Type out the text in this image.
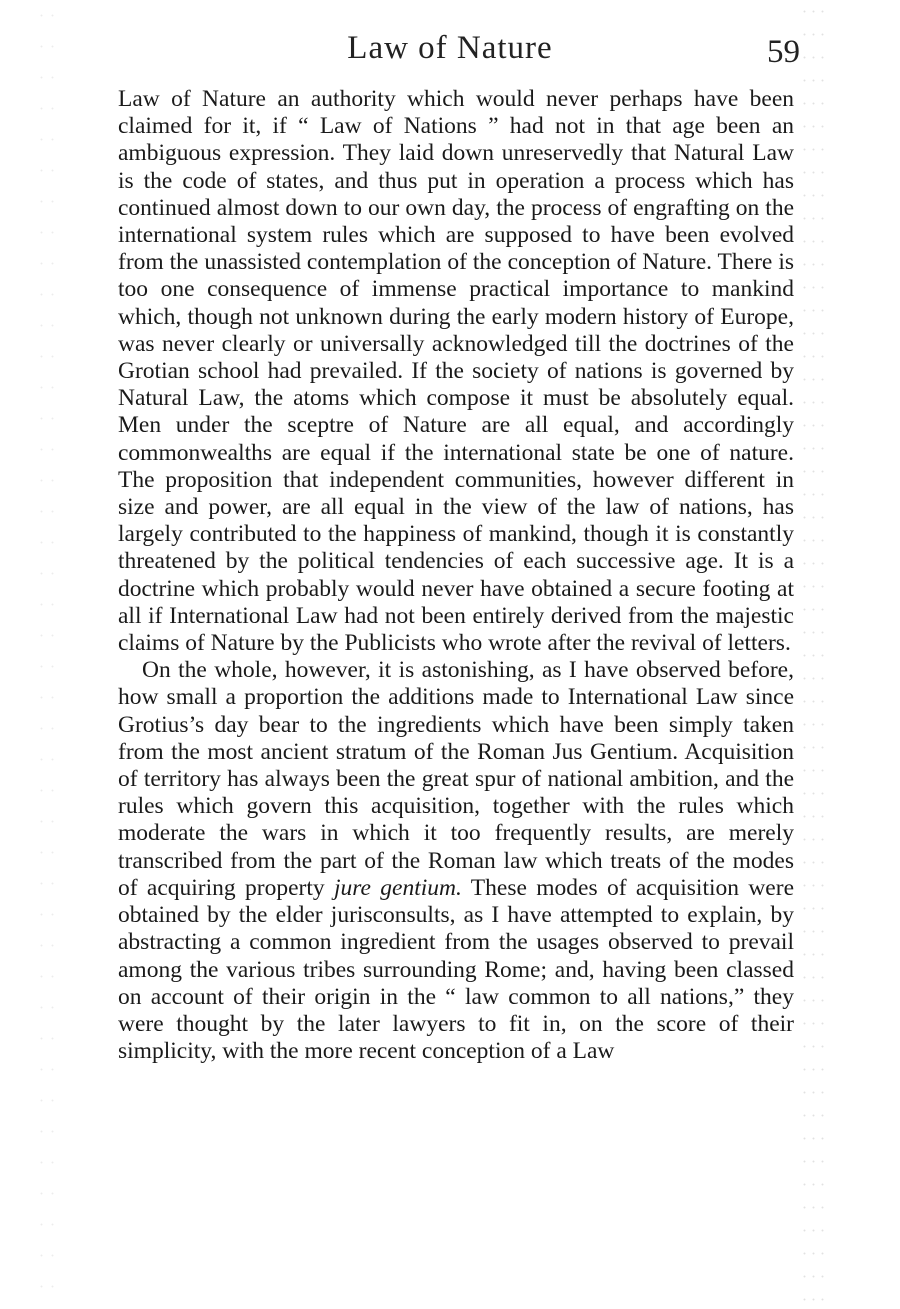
Law of Nature	59

Law of Nature an authority which would never perhaps have been claimed for it, if “ Law of Nations ” had not in that age been an ambiguous expression. They laid down unreservedly that Natural Law is the code of states, and thus put in operation a process which has continued almost down to our own day, the process of engrafting on the international system rules which are supposed to have been evolved from the unassisted contemplation of the conception of Nature. There is too one consequence of immense practical importance to mankind which, though not unknown during the early modern history of Europe, was never clearly or universally acknowledged till the doctrines of the Grotian school had prevailed. If the society of nations is governed by Natural Law, the atoms which compose it must be absolutely equal. Men under the sceptre of Nature are all equal, and accordingly commonwealths are equal if the international state be one of nature. The proposition that independent communities, however different in size and power, are all equal in the view of the law of nations, has largely contributed to the happiness of mankind, though it is constantly threatened by the political tendencies of each successive age. It is a doctrine which probably would never have obtained a secure footing at all if International Law had not been entirely derived from the majestic claims of Nature by the Publicists who wrote after the revival of letters.

On the whole, however, it is astonishing, as I have observed before, how small a proportion the additions made to International Law since Grotius’s day bear to the ingredients which have been simply taken from the most ancient stratum of the Roman Jus Gentium. Acquisition of territory has always been the great spur of national ambition, and the rules which govern this acquisition, together with the rules which moderate the wars in which it too frequently results, are merely transcribed from the part of the Roman law which treats of the modes of acquiring property jure gentium. These modes of acquisition were obtained by the elder jurisconsults, as I have attempted to explain, by abstracting a common ingredient from the usages observed to prevail among the various tribes surrounding Rome; and, having been classed on account of their origin in the “ law common to all nations,” they were thought by the later lawyers to fit in, on the score of their simplicity, with the more recent conception of a Law
